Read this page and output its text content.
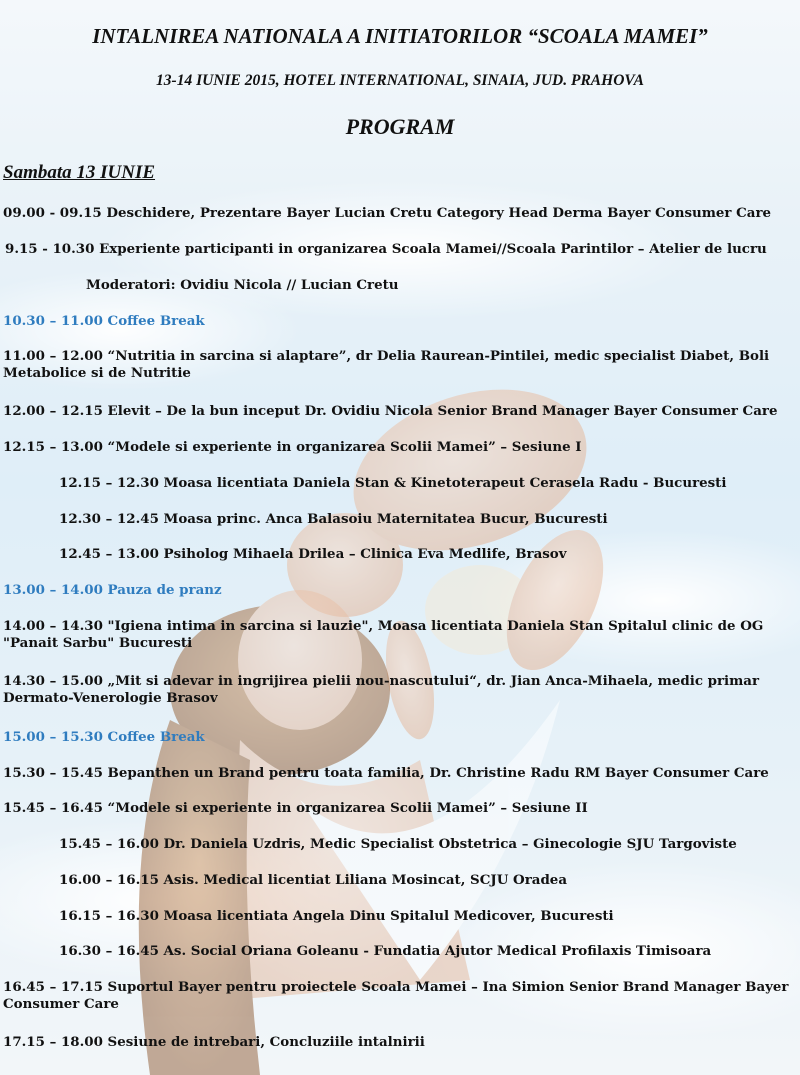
INTALNIREA NATIONALA A INITIATORILOR “SCOALA MAMEI”
13-14 IUNIE 2015, HOTEL INTERNATIONAL, SINAIA, JUD. PRAHOVA
PROGRAM
Sambata 13 IUNIE
09.00 - 09.15 Deschidere, Prezentare Bayer Lucian Cretu Category Head Derma Bayer Consumer Care
9.15 - 10.30 Experiente participanti in organizarea Scoala Mamei//Scoala Parintilor – Atelier de lucru
Moderatori: Ovidiu Nicola // Lucian Cretu
10.30 – 11.00 Coffee Break
11.00 – 12.00 “Nutritia in sarcina si alaptare”, dr Delia Raurean-Pintilei, medic specialist Diabet, Boli Metabolice si de Nutritie
12.00 – 12.15 Elevit – De la bun inceput Dr. Ovidiu Nicola Senior Brand Manager Bayer Consumer Care
12.15 – 13.00 “Modele si experiente in organizarea Scolii Mamei” – Sesiune I
12.15 – 12.30 Moasa licentiata Daniela Stan & Kinetoterapeut Cerasela Radu - Bucuresti
12.30 – 12.45 Moasa princ. Anca Balasoiu Maternitatea Bucur, Bucuresti
12.45 – 13.00 Psiholog Mihaela Drilea – Clinica Eva Medlife, Brasov
13.00 – 14.00 Pauza de pranz
14.00 – 14.30 "Igiena intima in sarcina si lauzie", Moasa licentiata Daniela Stan Spitalul clinic de OG "Panait Sarbu" Bucuresti
14.30 – 15.00 „Mit si adevar in ingrijirea pielii nou-nascutului“, dr. Jian Anca-Mihaela, medic primar Dermato-Venerologie Brasov
15.00 – 15.30 Coffee Break
15.30 – 15.45 Bepanthen un Brand pentru toata familia, Dr. Christine Radu RM Bayer Consumer Care
15.45 – 16.45 “Modele si experiente in organizarea Scolii Mamei” – Sesiune II
15.45 – 16.00 Dr. Daniela Uzdris, Medic Specialist Obstetrica – Ginecologie SJU Targoviste
16.00 – 16.15 Asis. Medical licentiat Liliana Mosincat, SCJU Oradea
16.15 – 16.30 Moasa licentiata Angela Dinu Spitalul Medicover, Bucuresti
16.30 – 16.45 As. Social Oriana Goleanu - Fundatia Ajutor Medical Profilaxis Timisoara
16.45 – 17.15 Suportul Bayer pentru proiectele Scoala Mamei – Ina Simion Senior Brand Manager Bayer Consumer Care
17.15 – 18.00 Sesiune de intrebari, Concluziile intalnirii
